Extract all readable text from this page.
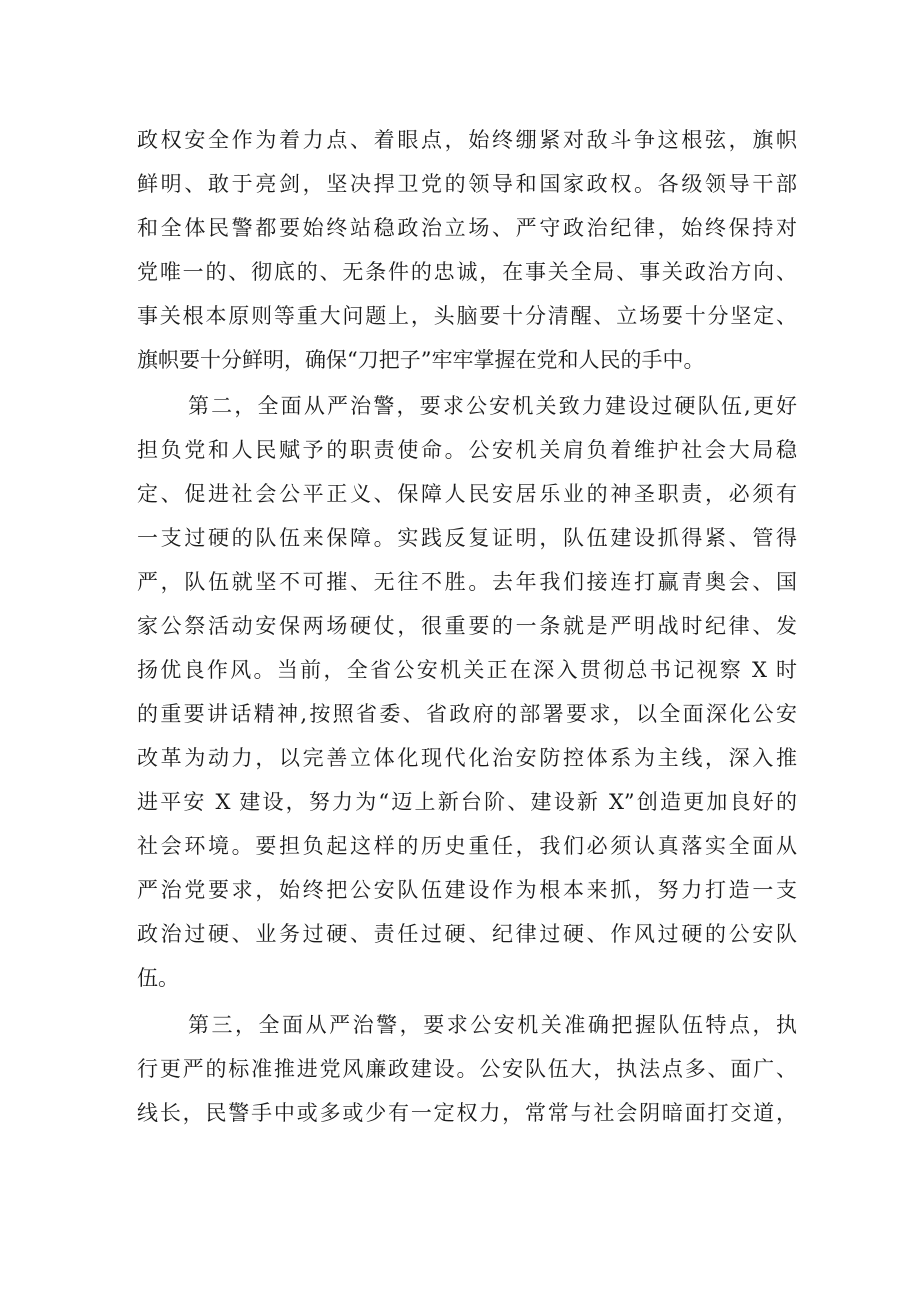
政权安全作为着力点、着眼点，始终绷紧对敌斗争这根弦，旗帜
鲜明、敢于亮剑，坚决捍卫党的领导和国家政权。各级领导干部
和全体民警都要始终站稳政治立场、严守政治纪律，始终保持对
党唯一的、彻底的、无条件的忠诚，在事关全局、事关政治方向、
事关根本原则等重大问题上，头脑要十分清醒、立场要十分坚定、
旗帜要十分鲜明，确保“刀把子”牢牢掌握在党和人民的手中。
第二，全面从严治警，要求公安机关致力建设过硬队伍,更好
担负党和人民赋予的职责使命。公安机关肩负着维护社会大局稳
定、促进社会公平正义、保障人民安居乐业的神圣职责，必须有
一支过硬的队伍来保障。实践反复证明，队伍建设抓得紧、管得
严，队伍就坚不可摧、无往不胜。去年我们接连打赢青奥会、国
家公祭活动安保两场硬仗，很重要的一条就是严明战时纪律、发
扬优良作风。当前，全省公安机关正在深入贯彻总书记视察 X 时
的重要讲话精神,按照省委、省政府的部署要求，以全面深化公安
改革为动力，以完善立体化现代化治安防控体系为主线，深入推
进平安 X 建设，努力为“迈上新台阶、建设新 X”创造更加良好的
社会环境。要担负起这样的历史重任，我们必须认真落实全面从
严治党要求，始终把公安队伍建设作为根本来抓，努力打造一支
政治过硬、业务过硬、责任过硬、纪律过硬、作风过硬的公安队
伍。
第三，全面从严治警，要求公安机关准确把握队伍特点，执
行更严的标准推进党风廉政建设。公安队伍大，执法点多、面广、
线长，民警手中或多或少有一定权力，常常与社会阴暗面打交道，
